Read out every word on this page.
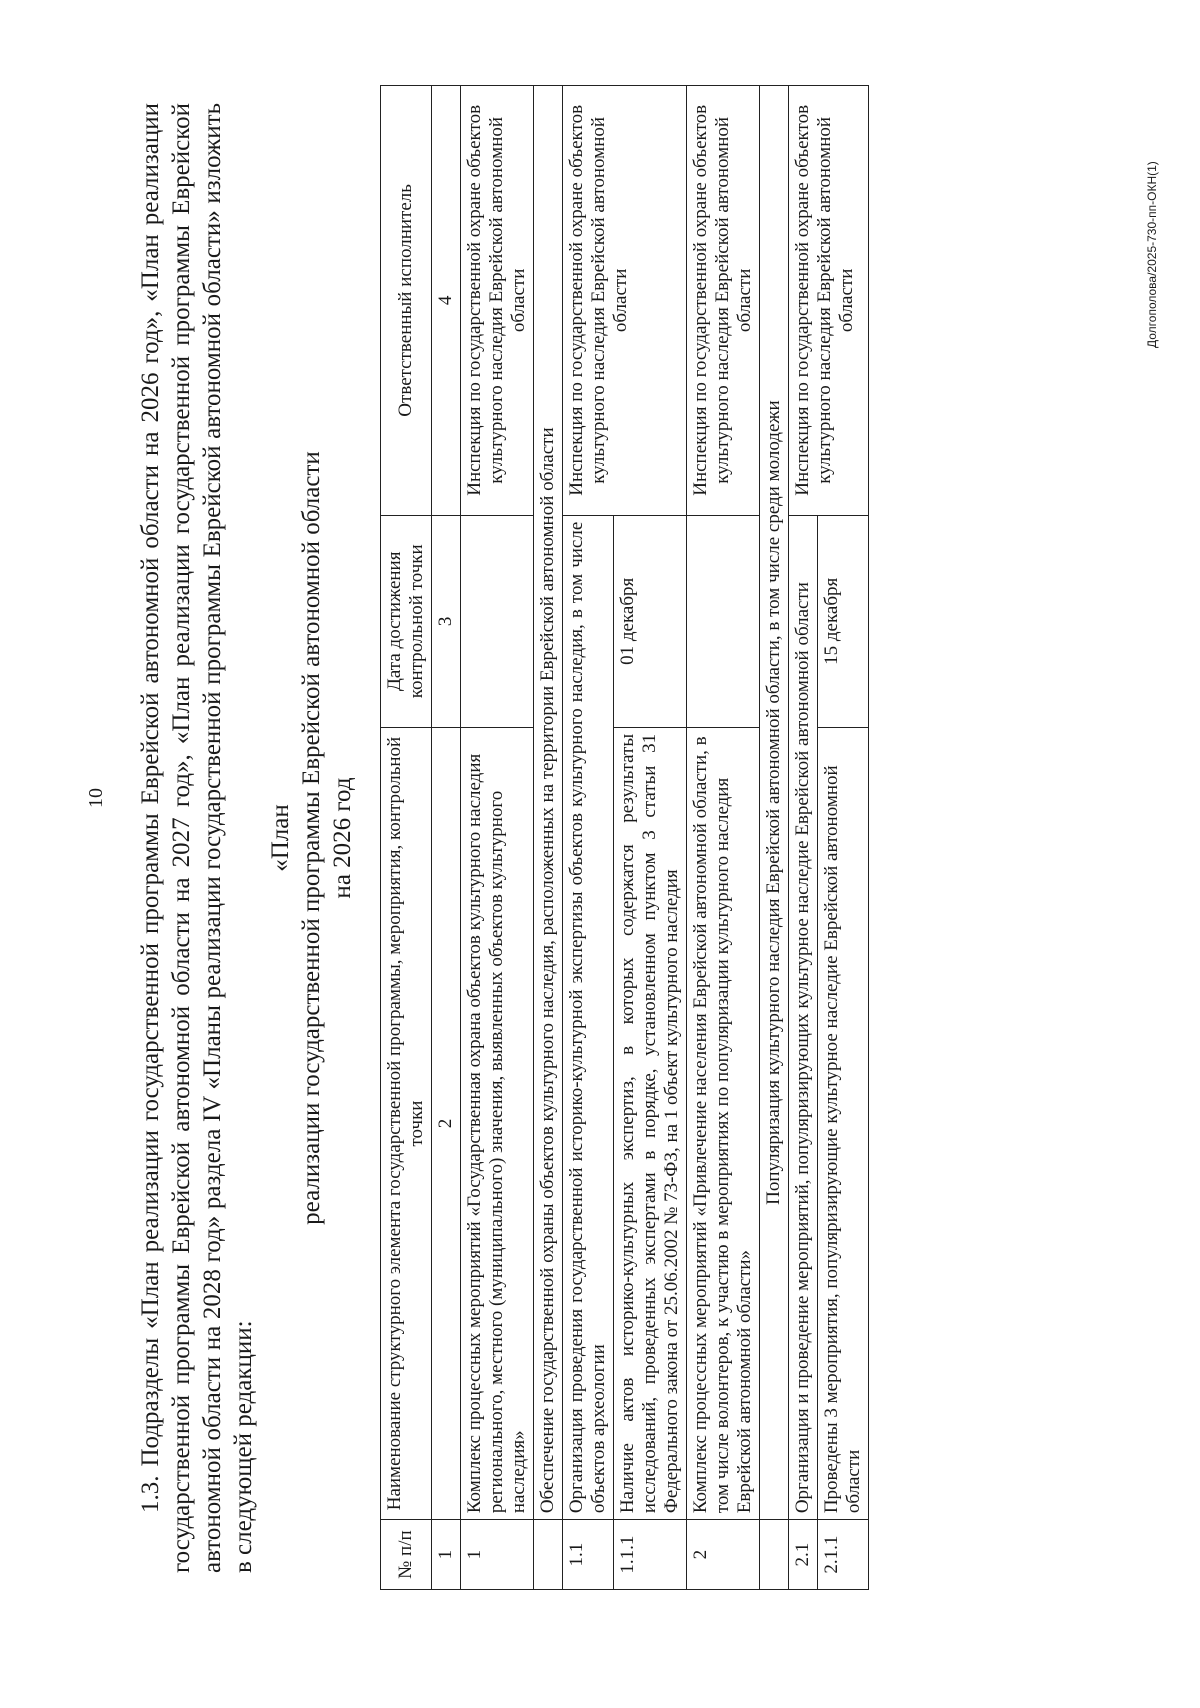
10 1.3. Подразделы «План реализации государственной программы Еврейской автономной области на 2026 год», «План реализации государственной программы Еврейской автономной области на 2027 год», «План реализации государственной программы Еврейской автономной области на 2028 год» раздела IV «Планы реализации государственной программы Еврейской автономной области» изложить в следующей редакции:
«План реализации государственной программы Еврейской автономной области на 2026 год
№ п/п	Наименование структурного элемента государственной программы, мероприятия, контрольной точки	Дата достижения контрольной точки	Ответственный исполнитель
1	2	3	4
1	Комплекс процессных мероприятий «Государственная охрана объектов культурного наследия регионального, местного (муниципального) значения, выявленных объектов культурного наследия»		Инспекция по государственной охране объектов культурного наследия Еврейской автономной области
	Обеспечение государственной охраны объектов культурного наследия, расположенных на территории Еврейской автономной области		
1.1	Организация проведения государственной историко-культурной экспертизы объектов культурного наследия, в том числе объектов археологии		Инспекция по государственной охране объектов культурного наследия Еврейской автономной области
1.1.1	Наличие актов историко-культурных экспертиз, в которых содержатся результаты исследований, проведенных экспертами в порядке, установленном пунктом 3 статьи 31 Федерального закона от 25.06.2002 № 73-ФЗ, на 1 объект культурного наследия	01 декабря	
2	Комплекс процессных мероприятий «Привлечение населения Еврейской автономной области, в том числе волонтеров, к участию в мероприятиях по популяризации культурного наследия Еврейской автономной области»		Инспекция по государственной охране объектов культурного наследия Еврейской автономной области
	Популяризация культурного наследия Еврейской автономной области, в том числе среди молодежи		
2.1	Организация и проведение мероприятий, популяризирующих культурное наследие Еврейской автономной области		Инспекция по государственной охране объектов культурного наследия Еврейской автономной области
2.1.1	Проведены 3 мероприятия, популяризирующие культурное наследие Еврейской автономной области	15 декабря	
Долгополова/2025-730-пп-ОКН(1)
